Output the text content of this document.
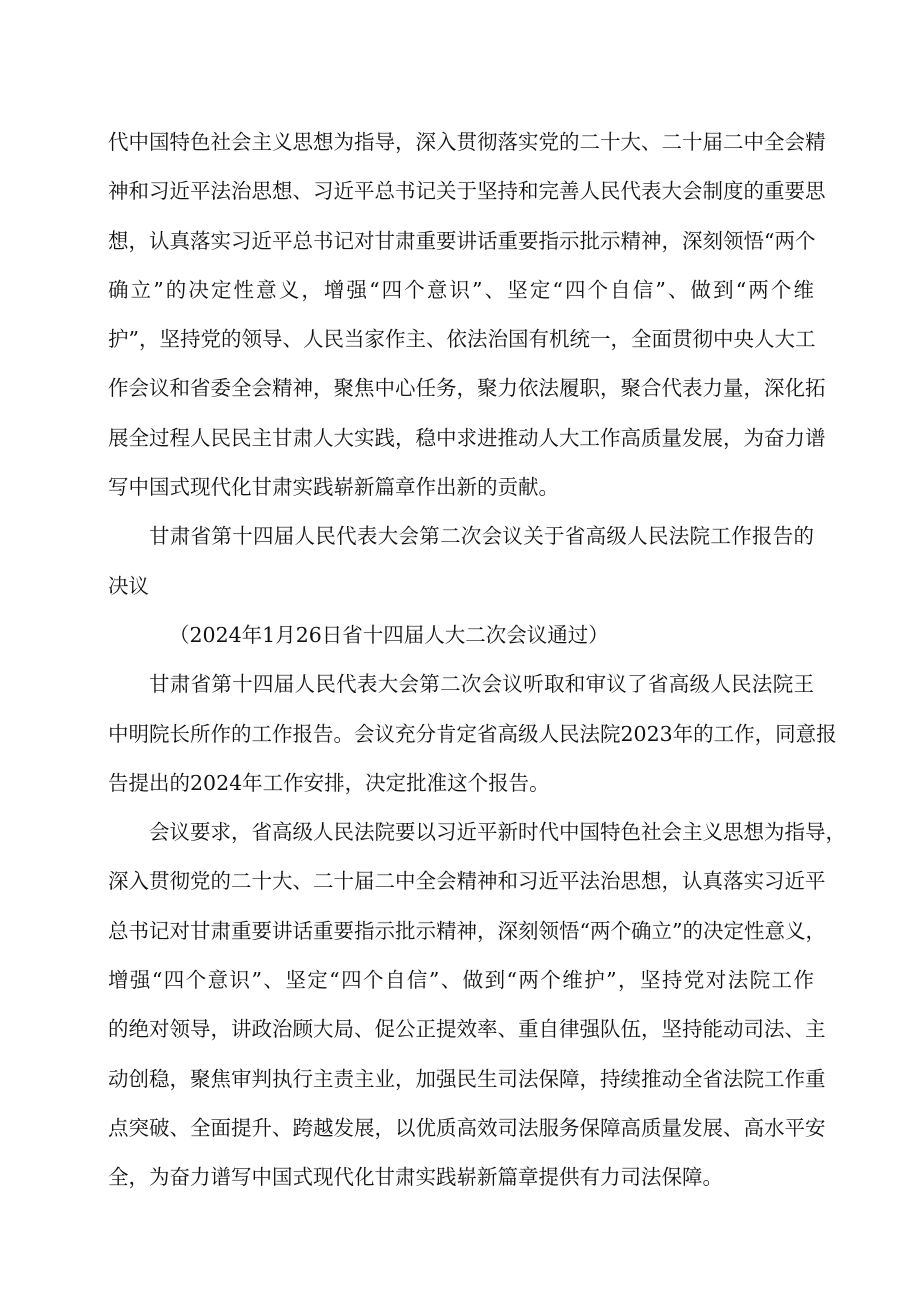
代中国特色社会主义思想为指导，深入贯彻落实党的二十大、二十届二中全会精
神和习近平法治思想、习近平总书记关于坚持和完善人民代表大会制度的重要思
想，认真落实习近平总书记对甘肃重要讲话重要指示批示精神，深刻领悟“两个
确立”的决定性意义，增强“四个意识”、坚定“四个自信”、做到“两个维
护”，坚持党的领导、人民当家作主、依法治国有机统一，全面贯彻中央人大工
作会议和省委全会精神，聚焦中心任务，聚力依法履职，聚合代表力量，深化拓
展全过程人民民主甘肃人大实践，稳中求进推动人大工作高质量发展，为奋力谱
写中国式现代化甘肃实践崭新篇章作出新的贡献。
甘肃省第十四届人民代表大会第二次会议关于省高级人民法院工作报告的
决议
（2024年1月26日省十四届人大二次会议通过）
甘肃省第十四届人民代表大会第二次会议听取和审议了省高级人民法院王
中明院长所作的工作报告。会议充分肯定省高级人民法院2023年的工作，同意报
告提出的2024年工作安排，决定批准这个报告。
会议要求，省高级人民法院要以习近平新时代中国特色社会主义思想为指导，
深入贯彻党的二十大、二十届二中全会精神和习近平法治思想，认真落实习近平
总书记对甘肃重要讲话重要指示批示精神，深刻领悟“两个确立”的决定性意义，
增强“四个意识”、坚定“四个自信”、做到“两个维护”，坚持党对法院工作
的绝对领导，讲政治顾大局、促公正提效率、重自律强队伍，坚持能动司法、主
动创稳，聚焦审判执行主责主业，加强民生司法保障，持续推动全省法院工作重
点突破、全面提升、跨越发展，以优质高效司法服务保障高质量发展、高水平安
全，为奋力谱写中国式现代化甘肃实践崭新篇章提供有力司法保障。
